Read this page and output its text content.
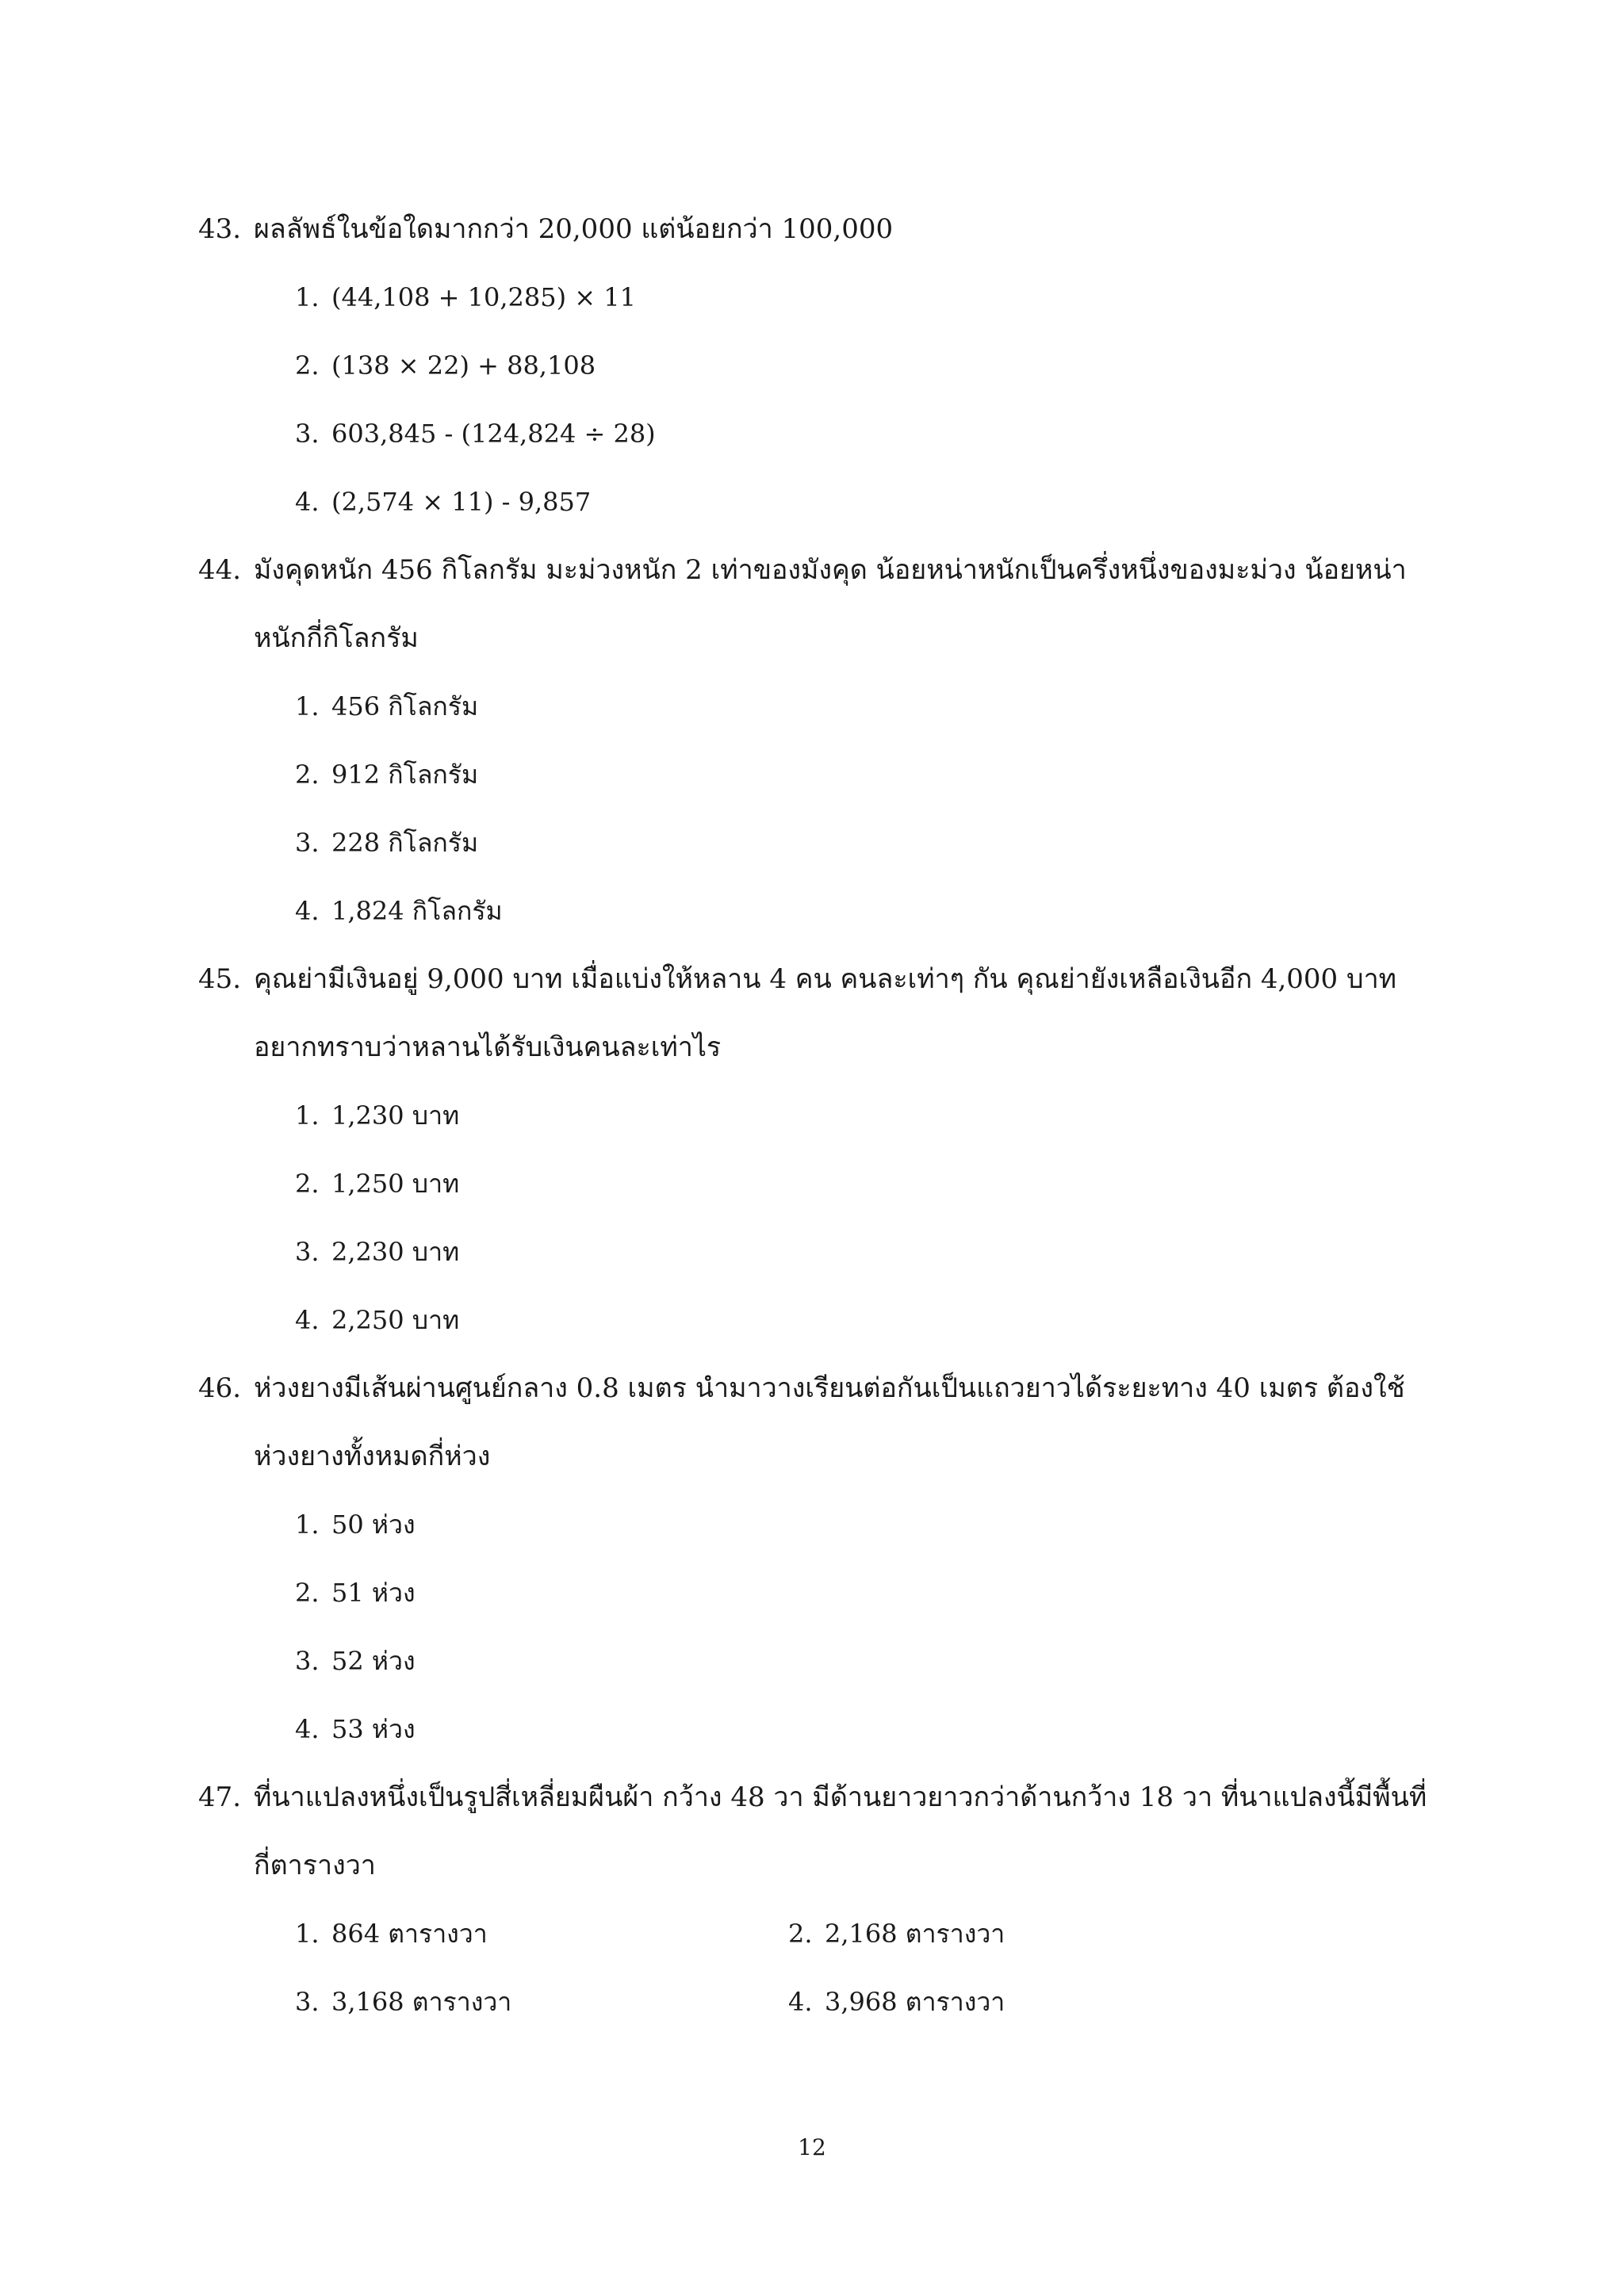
43. ผลลัพธ์ในข้อใดมากกว่า 20,000 แต่น้อยกว่า 100,000
1. (44,108 + 10,285) × 11
2. (138 × 22) + 88,108
3. 603,845 - (124,824 ÷ 28)
4. (2,574 × 11) - 9,857
44. มังคุดหนัก 456 กิโลกรัม มะม่วงหนัก 2 เท่าของมังคุด น้อยหน่าหนักเป็นครึ่งหนึ่งของมะม่วง น้อยหน่าหนักกี่กิโลกรัม
1. 456 กิโลกรัม
2. 912 กิโลกรัม
3. 228 กิโลกรัม
4. 1,824 กิโลกรัม
45. คุณย่ามีเงินอยู่ 9,000 บาท เมื่อแบ่งให้หลาน 4 คน คนละเท่าๆ กัน คุณย่ายังเหลือเงินอีก 4,000 บาท อยากทราบว่าหลานได้รับเงินคนละเท่าไร
1. 1,230 บาท
2. 1,250 บาท
3. 2,230 บาท
4. 2,250 บาท
46. ห่วงยางมีเส้นผ่านศูนย์กลาง 0.8 เมตร นำมาวางเรียนต่อกันเป็นแถวยาวได้ระยะทาง 40 เมตร ต้องใช้ห่วงยางทั้งหมดกี่ห่วง
1. 50 ห่วง
2. 51 ห่วง
3. 52 ห่วง
4. 53 ห่วง
47. ที่นาแปลงหนึ่งเป็นรูปสี่เหลี่ยมผืนผ้า กว้าง 48 วา มีด้านยาวยาวกว่าด้านกว้าง 18 วา ที่นาแปลงนี้มีพื้นที่กี่ตารางวา
1. 864 ตารางวา	2. 2,168 ตารางวา
3. 3,168 ตารางวา	4. 3,968 ตารางวา
12
